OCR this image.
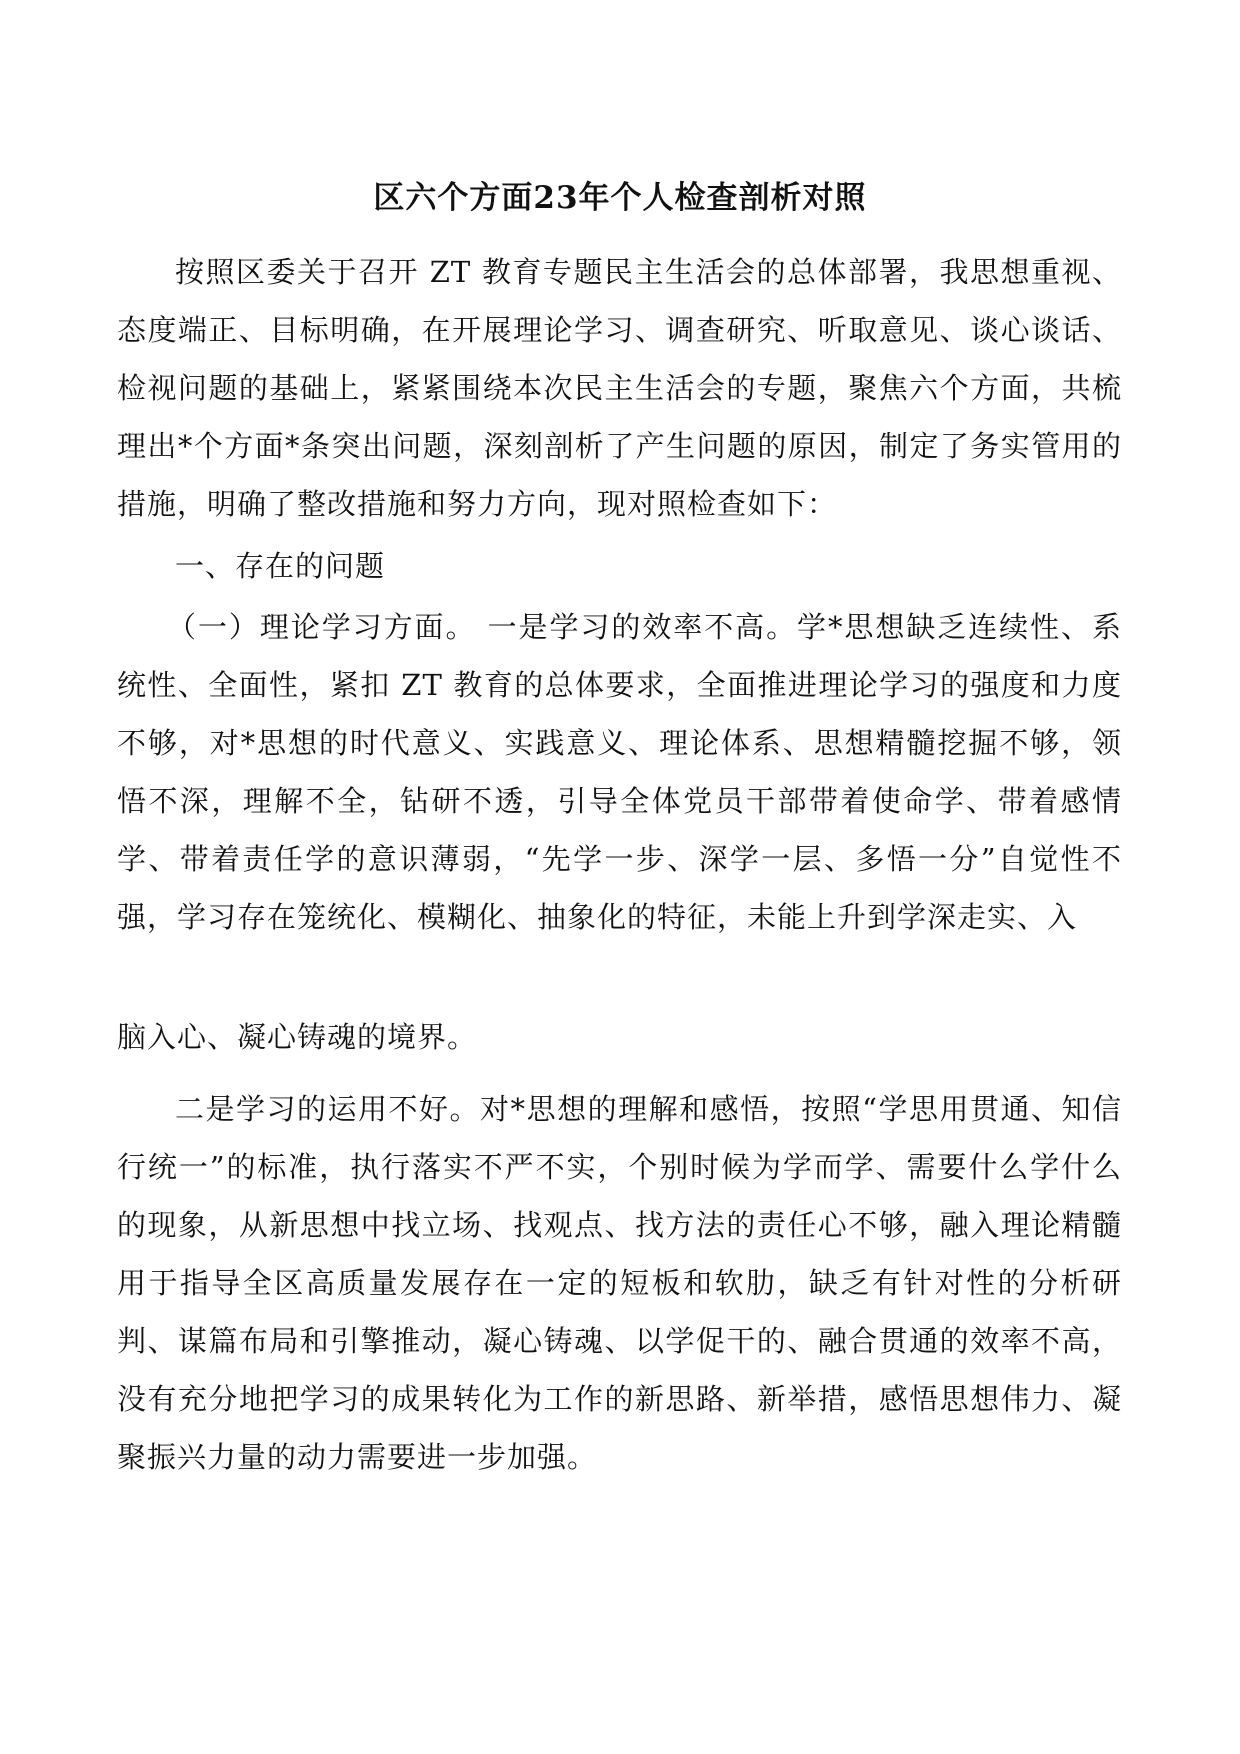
区六个方面23年个人检查剖析对照

按照区委关于召开 ZT 教育专题民主生活会的总体部署，我思想重视、态度端正、目标明确，在开展理论学习、调查研究、听取意见、谈心谈话、检视问题的基础上，紧紧围绕本次民主生活会的专题，聚焦六个方面，共梳理出*个方面*条突出问题，深刻剖析了产生问题的原因，制定了务实管用的措施，明确了整改措施和努力方向，现对照检查如下：

一、存在的问题

（一）理论学习方面。 一是学习的效率不高。学*思想缺乏连续性、系统性、全面性，紧扣 ZT 教育的总体要求，全面推进理论学习的强度和力度 不够，对*思想的时代意义、实践意义、理论体系、思想精髓挖掘不够，领 悟不深，理解不全，钻研不透，引导全体党员干部带着使命学、带着感情 学、带着责任学的意识薄弱，“先学一步、深学一层、多悟一分”自觉性不 强，学习存在笼统化、模糊化、抽象化的特征，未能上升到学深走实、入

脑入心、凝心铸魂的境界。

二是学习的运用不好。对*思想的理解和感悟，按照“学思用贯通、知信行统一”的标准，执行落实不严不实，个别时候为学而学、需要什么学什么的现象，从新思想中找立场、找观点、找方法的责任心不够，融入理论精髓用于指导全区高质量发展存在一定的短板和软肋，缺乏有针对性的分析研判、谋篇布局和引擎推动，凝心铸魂、以学促干的、融合贯通的效率不高，没有充分地把学习的成果转化为工作的新思路、新举措，感悟思想伟力、凝聚振兴力量的动力需要进一步加强。
